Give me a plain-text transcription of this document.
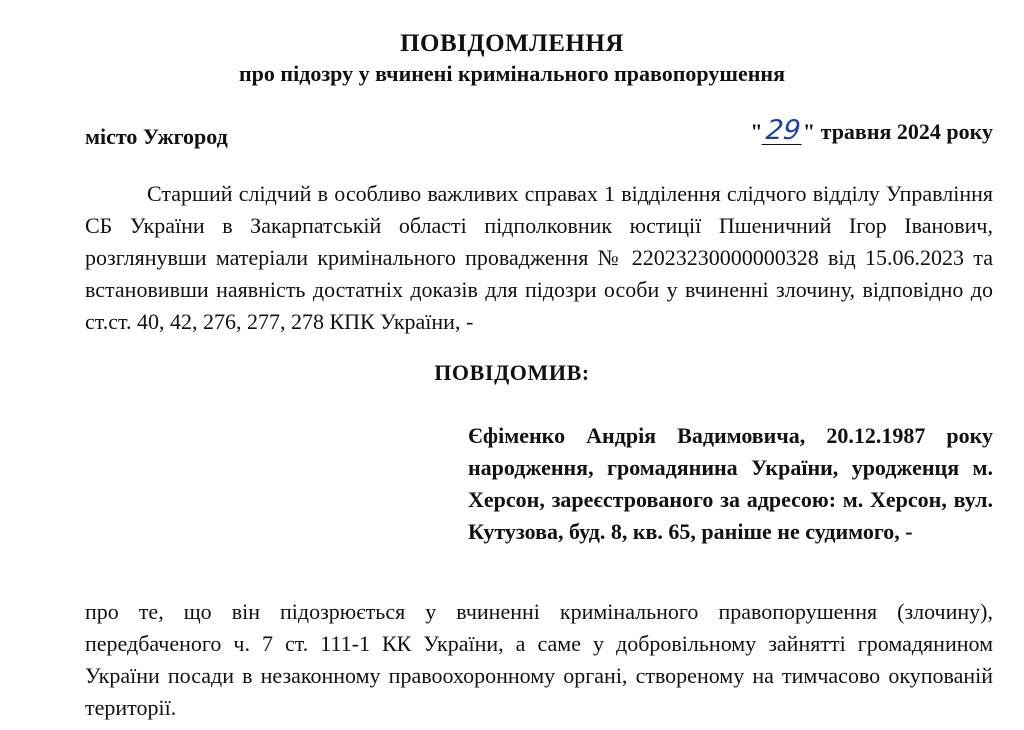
ПОВІДОМЛЕННЯ
про підозру у вчинені кримінального правопорушення
місто Ужгород	"29" травня 2024 року
Старший слідчий в особливо важливих справах 1 відділення слідчого відділу Управління СБ України в Закарпатській області підполковник юстиції Пшеничний Ігор Іванович, розглянувши матеріали кримінального провадження № 22023230000000328 від 15.06.2023 та встановивши наявність достатніх доказів для підозри особи у вчиненні злочину, відповідно до ст.ст. 40, 42, 276, 277, 278 КПК України, -
ПОВІДОМИВ:
Єфіменко Андрія Вадимовича, 20.12.1987 року народження, громадянина України, уродженця м. Херсон, зареєстрованого за адресою: м. Херсон, вул. Кутузова, буд. 8, кв. 65, раніше не судимого, -
про те, що він підозрюється у вчиненні кримінального правопорушення (злочину), передбаченого ч. 7 ст. 111-1 КК України, а саме у добровільному зайнятті громадянином України посади в незаконному правоохоронному органі, створеному на тимчасово окупованій території.
